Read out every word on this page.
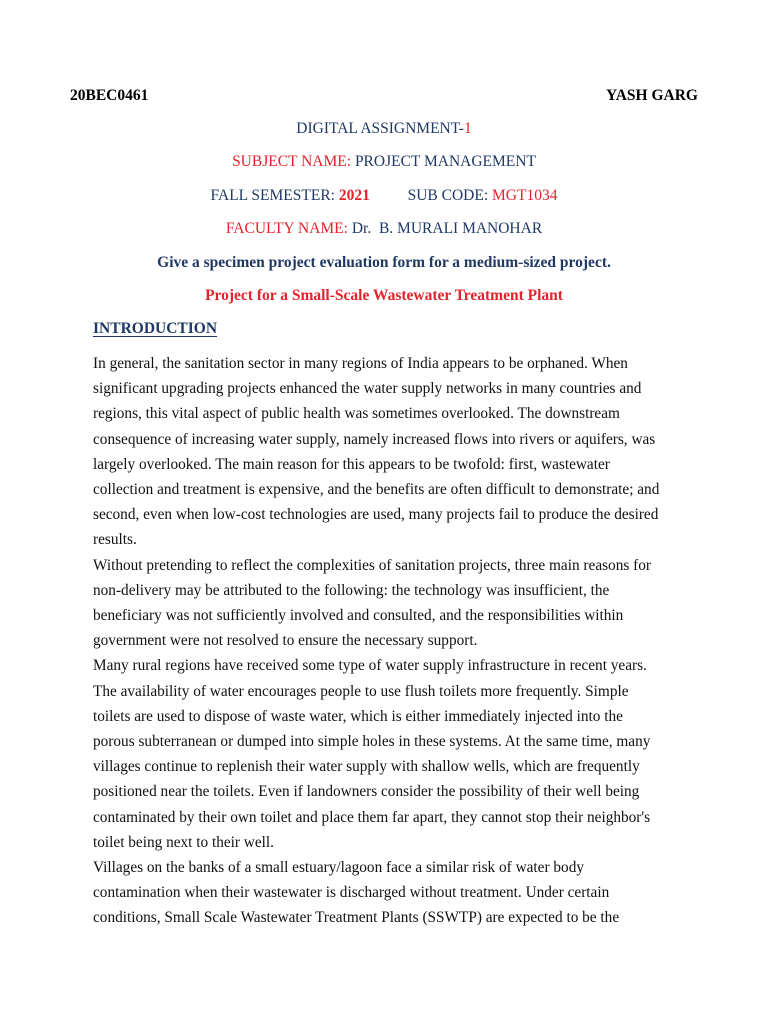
20BEC0461	YASH GARG
DIGITAL ASSIGNMENT-1
SUBJECT NAME: PROJECT MANAGEMENT
FALL SEMESTER: 2021 SUB CODE: MGT1034
FACULTY NAME: Dr.  B. MURALI MANOHAR
Give a specimen project evaluation form for a medium-sized project.
Project for a Small-Scale Wastewater Treatment Plant
INTRODUCTION

In general, the sanitation sector in many regions of India appears to be orphaned. When
significant upgrading projects enhanced the water supply networks in many countries and
regions, this vital aspect of public health was sometimes overlooked. The downstream
consequence of increasing water supply, namely increased flows into rivers or aquifers, was
largely overlooked. The main reason for this appears to be twofold: first, wastewater
collection and treatment is expensive, and the benefits are often difficult to demonstrate; and
second, even when low-cost technologies are used, many projects fail to produce the desired
results.

Without pretending to reflect the complexities of sanitation projects, three main reasons for
non-delivery may be attributed to the following: the technology was insufficient, the
beneficiary was not sufficiently involved and consulted, and the responsibilities within
government were not resolved to ensure the necessary support.

Many rural regions have received some type of water supply infrastructure in recent years.
The availability of water encourages people to use flush toilets more frequently. Simple
toilets are used to dispose of waste water, which is either immediately injected into the
porous subterranean or dumped into simple holes in these systems. At the same time, many
villages continue to replenish their water supply with shallow wells, which are frequently
positioned near the toilets. Even if landowners consider the possibility of their well being
contaminated by their own toilet and place them far apart, they cannot stop their neighbor's
toilet being next to their well.

Villages on the banks of a small estuary/lagoon face a similar risk of water body
contamination when their wastewater is discharged without treatment. Under certain
conditions, Small Scale Wastewater Treatment Plants (SSWTP) are expected to be the
